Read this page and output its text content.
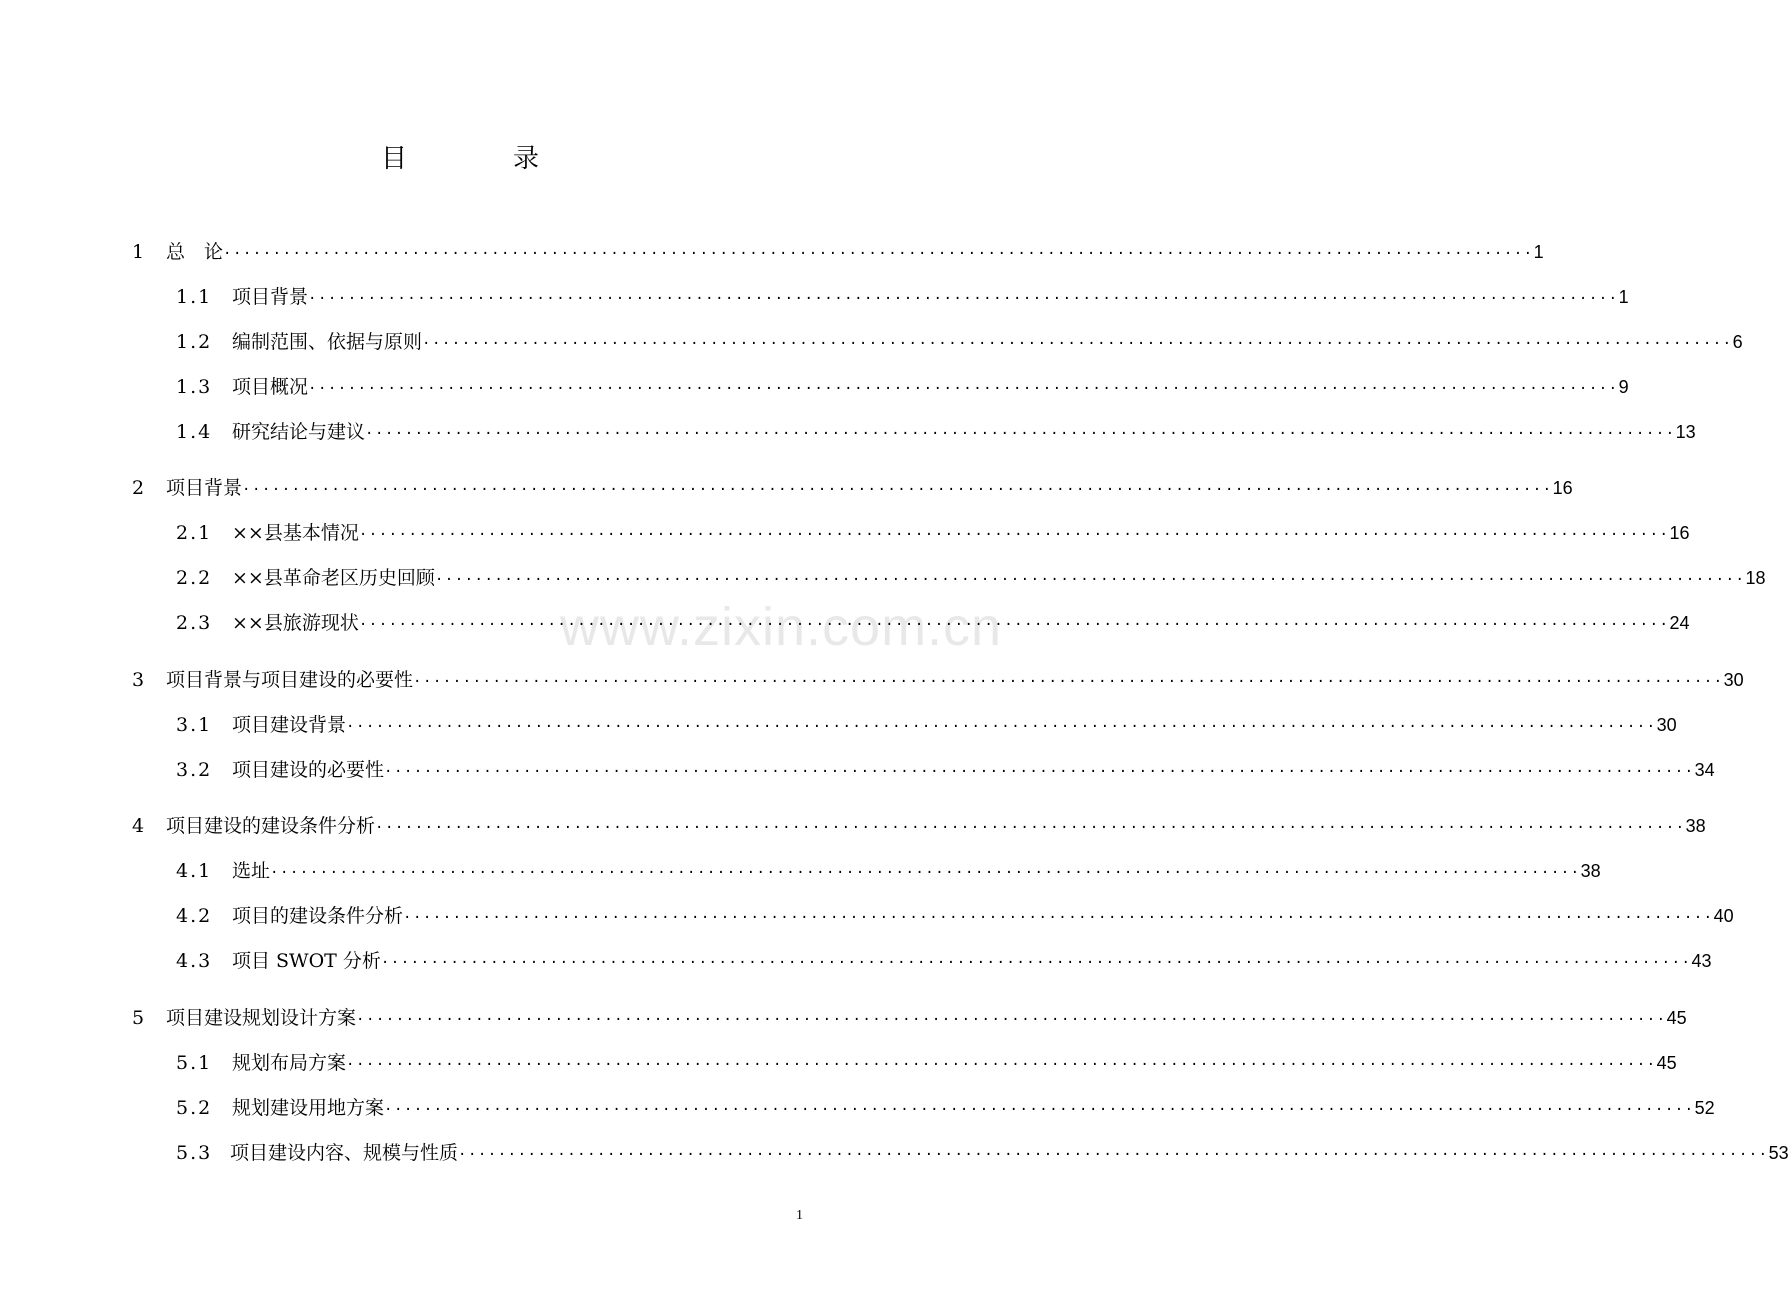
目　录
www.zixin.com.cn
1	总　论 ·····	1
1.1	项目背景 ·····	1
1.2	编制范围、依据与原则 ·····	6
1.3	项目概况 ·····	9
1.4	研究结论与建议 ·····	13
2	项目背景 ·····	16
2.1	××县基本情况 ·····	16
2.2	××县革命老区历史回顾 ·····	18
2.3	××县旅游现状 ·····	24
3	项目背景与项目建设的必要性 ·····	30
3.1	项目建设背景 ·····	30
3.2	项目建设的必要性 ·····	34
4	项目建设的建设条件分析 ·····	38
4.1	选址 ·····	38
4.2	项目的建设条件分析 ·····	40
4.3	项目 SWOT 分析 ·····	43
5	项目建设规划设计方案 ·····	45
5.1	规划布局方案 ·····	45
5.2	规划建设用地方案 ·····	52
5.3 项目建设内容、规模与性质 ·····	53
1
